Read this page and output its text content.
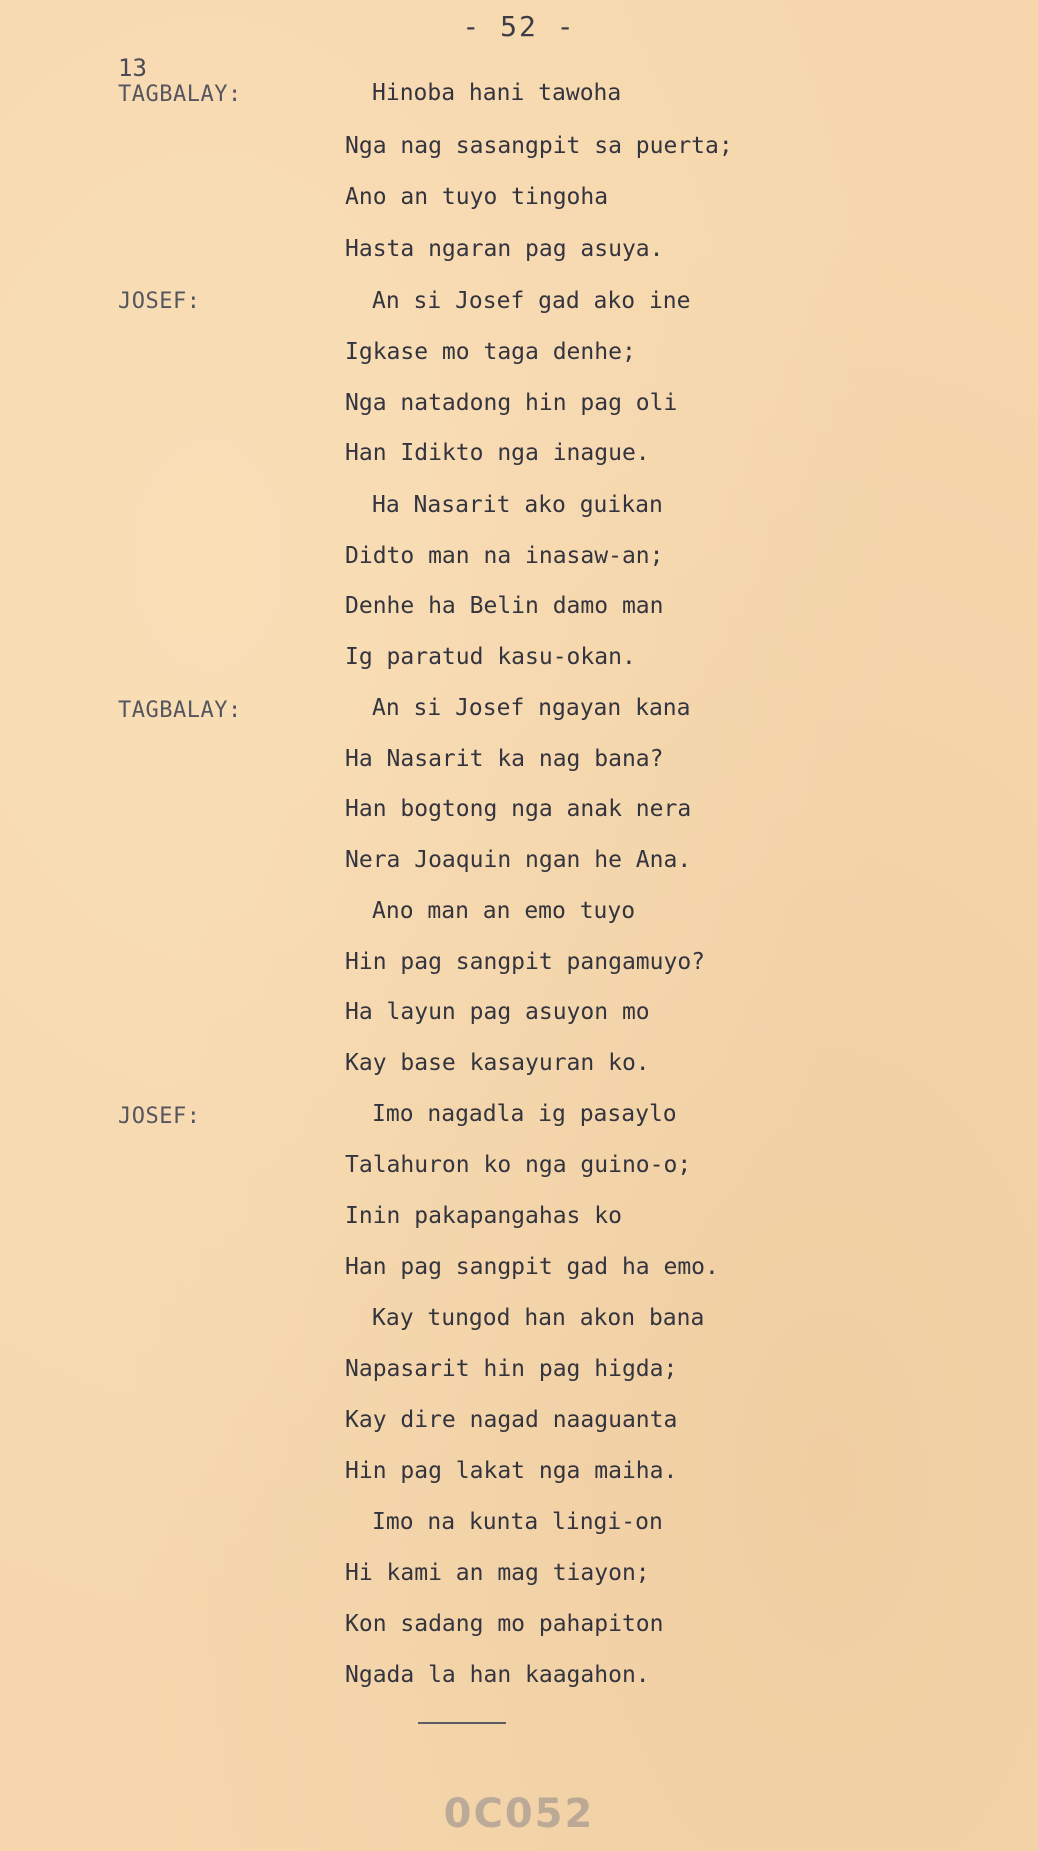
- 52 -
13
TAGBALAY:
JOSEF:
TAGBALAY:
JOSEF:
Hinoba hani tawoha
Nga nag sasangpit sa puerta;
Ano an tuyo tingoha
Hasta ngaran pag asuya.
An si Josef gad ako ine
Igkase mo taga denhe;
Nga natadong hin pag oli
Han Idikto nga inague.
Ha Nasarit ako guikan
Didto man na inasaw-an;
Denhe ha Belin damo man
Ig paratud kasu-okan.
An si Josef ngayan kana
Ha Nasarit ka nag bana?
Han bogtong nga anak nera
Nera Joaquin ngan he Ana.
Ano man an emo tuyo
Hin pag sangpit pangamuyo?
Ha layun pag asuyon mo
Kay base kasayuran ko.
Imo nagadla ig pasaylo
Talahuron ko nga guino-o;
Inin pakapangahas ko
Han pag sangpit gad ha emo.
Kay tungod han akon bana
Napasarit hin pag higda;
Kay dire nagad naaguanta
Hin pag lakat nga maiha.
Imo na kunta lingi-on
Hi kami an mag tiayon;
Kon sadang mo pahapiton
Ngada la han kaagahon.
0C052
